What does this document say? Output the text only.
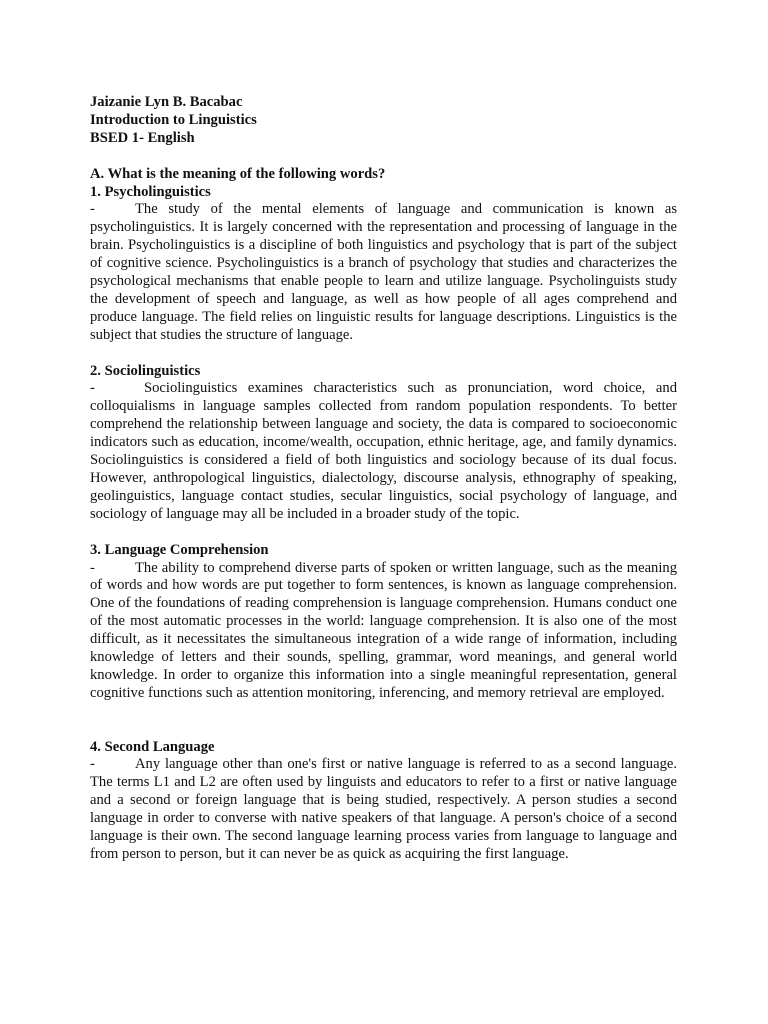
Jaizanie Lyn B. Bacabac

Introduction to Linguistics

BSED 1- English

A. What is the meaning of the following words?

1. Psycholinguistics

-	The study of the mental elements of language and communication is known as psycholinguistics. It is largely concerned with the representation and processing of language in the brain. Psycholinguistics is a discipline of both linguistics and psychology that is part of the subject of cognitive science. Psycholinguistics is a branch of psychology that studies and characterizes the psychological mechanisms that enable people to learn and utilize language. Psycholinguists study the development of speech and language, as well as how people of all ages comprehend and produce language. The field relies on linguistic results for language descriptions. Linguistics is the subject that studies the structure of language.

2. Sociolinguistics

-	Sociolinguistics examines characteristics such as pronunciation, word choice, and colloquialisms in language samples collected from random population respondents. To better comprehend the relationship between language and society, the data is compared to socioeconomic indicators such as education, income/wealth, occupation, ethnic heritage, age, and family dynamics. Sociolinguistics is considered a field of both linguistics and sociology because of its dual focus. However, anthropological linguistics, dialectology, discourse analysis, ethnography of speaking, geolinguistics, language contact studies, secular linguistics, social psychology of language, and sociology of language may all be included in a broader study of the topic.

3. Language Comprehension

-	The ability to comprehend diverse parts of spoken or written language, such as the meaning of words and how words are put together to form sentences, is known as language comprehension. One of the foundations of reading comprehension is language comprehension. Humans conduct one of the most automatic processes in the world: language comprehension. It is also one of the most difficult, as it necessitates the simultaneous integration of a wide range of information, including knowledge of letters and their sounds, spelling, grammar, word meanings, and general world knowledge. In order to organize this information into a single meaningful representation, general cognitive functions such as attention monitoring, inferencing, and memory retrieval are employed.

4. Second Language

-	Any language other than one's first or native language is referred to as a second language. The terms L1 and L2 are often used by linguists and educators to refer to a first or native language and a second or foreign language that is being studied, respectively. A person studies a second language in order to converse with native speakers of that language. A person's choice of a second language is their own. The second language learning process varies from language to language and from person to person, but it can never be as quick as acquiring the first language.
